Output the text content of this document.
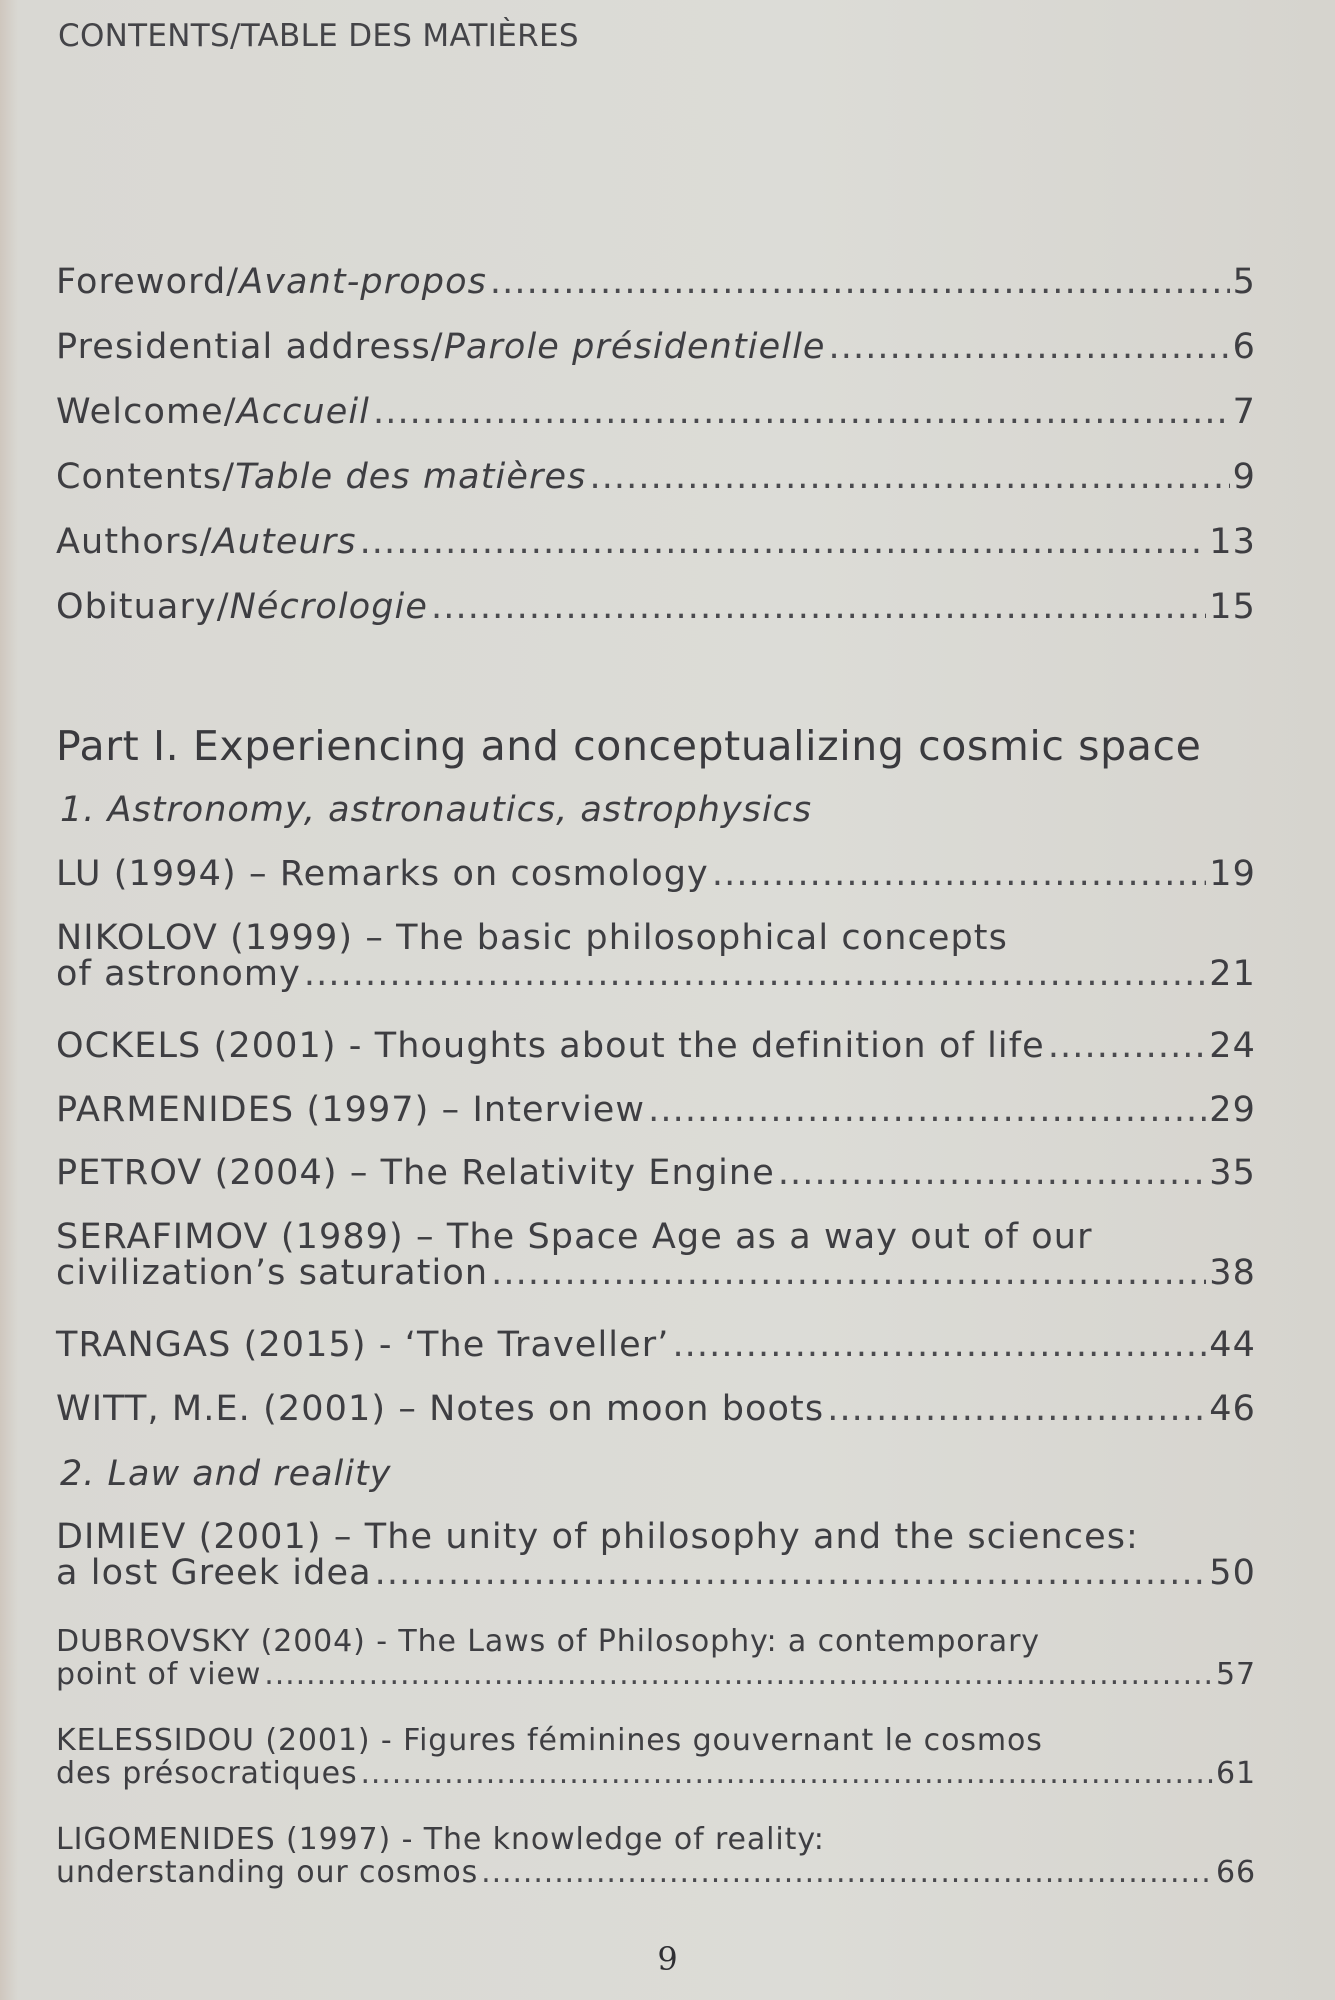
CONTENTS/TABLE DES MATIÈRES
Foreword/Avant-propos .....	5
Presidential address/Parole présidentielle .....	6
Welcome/Accueil .....	7
Contents/Table des matières .....	9
Authors/Auteurs .....	13
Obituary/Nécrologie .....	15
Part I. Experiencing and conceptualizing cosmic space
1. Astronomy, astronautics, astrophysics
LU (1994) – Remarks on cosmology .....	19
NIKOLOV (1999) – The basic philosophical concepts
of astronomy .....	21
OCKELS (2001) - Thoughts about the definition of life .....	24
PARMENIDES (1997) – Interview .....	29
PETROV (2004) – The Relativity Engine .....	35
SERAFIMOV (1989) – The Space Age as a way out of our
civilization’s saturation .....	38
TRANGAS (2015) - ‘The Traveller’ .....	44
WITT, M.E. (2001) – Notes on moon boots .....	46
2. Law and reality
DIMIEV (2001) – The unity of philosophy and the sciences:
a lost Greek idea .....	50
DUBROVSKY (2004) - The Laws of Philosophy: a contemporary
point of view .....	57
KELESSIDOU (2001) - Figures féminines gouvernant le cosmos
des présocratiques .....	61
LIGOMENIDES (1997) - The knowledge of reality:
understanding our cosmos .....	66
9
